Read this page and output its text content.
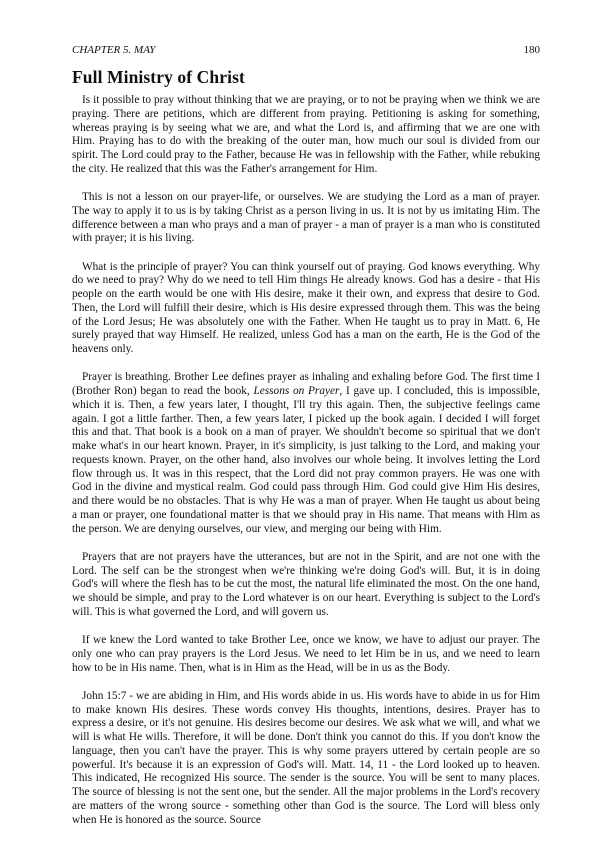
CHAPTER 5. MAY	180
Full Ministry of Christ

Is it possible to pray without thinking that we are praying, or to not be praying when we think we are praying. There are petitions, which are different from praying. Petitioning is asking for something, whereas praying is by seeing what we are, and what the Lord is, and affirming that we are one with Him. Praying has to do with the breaking of the outer man, how much our soul is divided from our spirit. The Lord could pray to the Father, because He was in fellowship with the Father, while rebuking the city. He realized that this was the Father's arrangement for Him.

This is not a lesson on our prayer-life, or ourselves. We are studying the Lord as a man of prayer. The way to apply it to us is by taking Christ as a person living in us. It is not by us imitating Him. The difference between a man who prays and a man of prayer - a man of prayer is a man who is constituted with prayer; it is his living.

What is the principle of prayer? You can think yourself out of praying. God knows everything. Why do we need to pray? Why do we need to tell Him things He already knows. God has a desire - that His people on the earth would be one with His desire, make it their own, and express that desire to God. Then, the Lord will fulfill their desire, which is His desire expressed through them. This was the being of the Lord Jesus; He was absolutely one with the Father. When He taught us to pray in Matt. 6, He surely prayed that way Himself. He realized, unless God has a man on the earth, He is the God of the heavens only.

Prayer is breathing. Brother Lee defines prayer as inhaling and exhaling before God. The first time I (Brother Ron) began to read the book, Lessons on Prayer, I gave up. I concluded, this is impossible, which it is. Then, a few years later, I thought, I'll try this again. Then, the subjective feelings came again. I got a little farther. Then, a few years later, I picked up the book again. I decided I will forget this and that. That book is a book on a man of prayer. We shouldn't become so spiritual that we don't make what's in our heart known. Prayer, in it's simplicity, is just talking to the Lord, and making your requests known. Prayer, on the other hand, also involves our whole being. It involves letting the Lord flow through us. It was in this respect, that the Lord did not pray common prayers. He was one with God in the divine and mystical realm. God could pass through Him. God could give Him His desires, and there would be no obstacles. That is why He was a man of prayer. When He taught us about being a man or prayer, one foundational matter is that we should pray in His name. That means with Him as the person. We are denying ourselves, our view, and merging our being with Him.

Prayers that are not prayers have the utterances, but are not in the Spirit, and are not one with the Lord. The self can be the strongest when we're thinking we're doing God's will. But, it is in doing God's will where the flesh has to be cut the most, the natural life eliminated the most. On the one hand, we should be simple, and pray to the Lord whatever is on our heart. Everything is subject to the Lord's will. This is what governed the Lord, and will govern us.

If we knew the Lord wanted to take Brother Lee, once we know, we have to adjust our prayer. The only one who can pray prayers is the Lord Jesus. We need to let Him be in us, and we need to learn how to be in His name. Then, what is in Him as the Head, will be in us as the Body.

John 15:7 - we are abiding in Him, and His words abide in us. His words have to abide in us for Him to make known His desires. These words convey His thoughts, intentions, desires. Prayer has to express a desire, or it's not genuine. His desires become our desires. We ask what we will, and what we will is what He wills. Therefore, it will be done. Don't think you cannot do this. If you don't know the language, then you can't have the prayer. This is why some prayers uttered by certain people are so powerful. It's because it is an expression of God's will. Matt. 14, 11 - the Lord looked up to heaven. This indicated, He recognized His source. The sender is the source. You will be sent to many places. The source of blessing is not the sent one, but the sender. All the major problems in the Lord's recovery are matters of the wrong source - something other than God is the source. The Lord will bless only when He is honored as the source. Source
